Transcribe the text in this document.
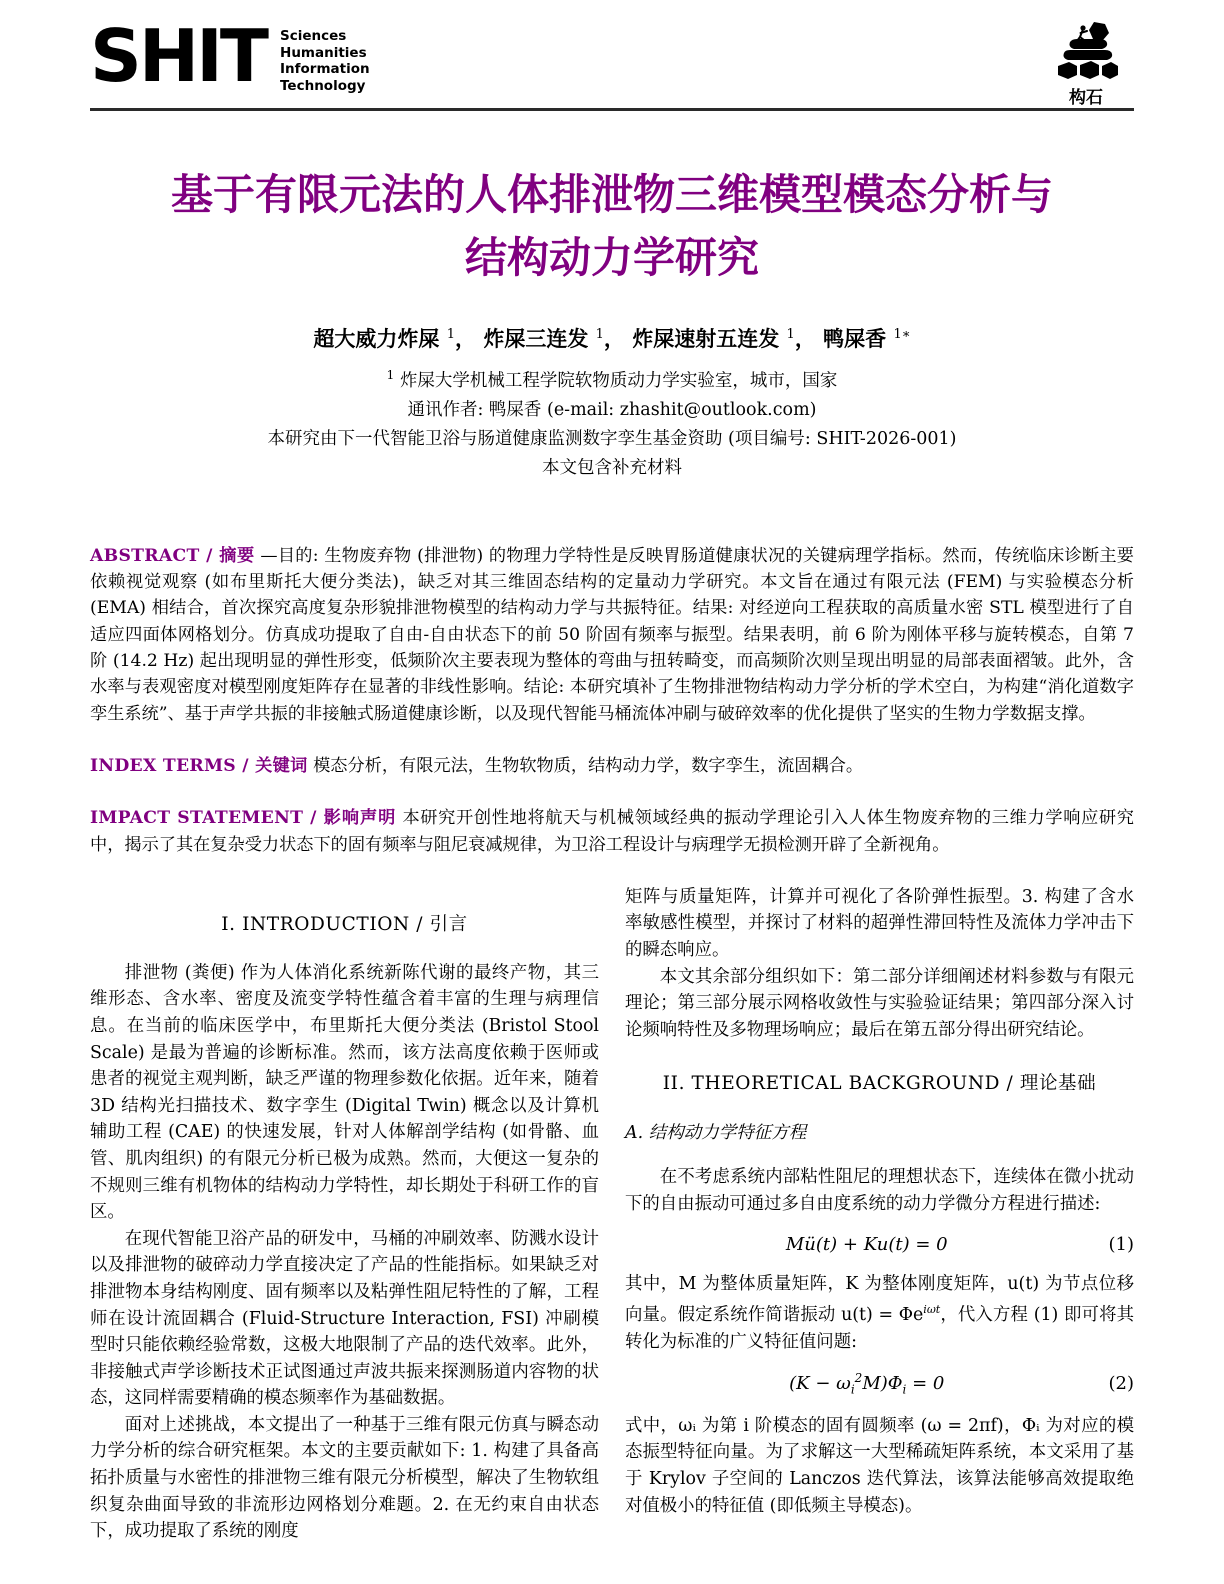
SHIT Sciences
Humanities
Information
Technology
构石
基于有限元法的人体排泄物三维模型模态分析与
结构动力学研究
超大威力炸屎 $^1$， 炸屎三连发 $^1$， 炸屎速射五连发 $^1$， 鸭屎香 $^{1∗}$
$^1$ 炸屎大学机械工程学院软物质动力学实验室，城市，国家
通讯作者: 鸭屎香 (e-mail: zhashit@outlook.com)
本研究由下一代智能卫浴与肠道健康监测数字孪生基金资助 (项目编号: SHIT-2026-001)
本文包含补充材料

ABSTRACT / 摘要 —目的: 生物废弃物 (排泄物) 的物理力学特性是反映胃肠道健康状况的关键病理学指标。然而，传统临床诊断主要依赖视觉观察 (如布里斯托大便分类法)，缺乏对其三维固态结构的定量动力学研究。本文旨在通过有限元法 (FEM) 与实验模态分析 (EMA) 相结合，首次探究高度复杂形貌排泄物模型的结构动力学与共振特征。结果: 对经逆向工程获取的高质量水密 STL 模型进行了自适应四面体网格划分。仿真成功提取了自由-自由状态下的前 50 阶固有频率与振型。结果表明，前 6 阶为刚体平移与旋转模态，自第 7 阶 (14.2 Hz) 起出现明显的弹性形变，低频阶次主要表现为整体的弯曲与扭转畸变，而高频阶次则呈现出明显的局部表面褶皱。此外，含水率与表观密度对模型刚度矩阵存在显著的非线性影响。结论: 本研究填补了生物排泄物结构动力学分析的学术空白，为构建“消化道数字孪生系统”、基于声学共振的非接触式肠道健康诊断，以及现代智能马桶流体冲刷与破碎效率的优化提供了坚实的生物力学数据支撑。

INDEX TERMS / 关键词 模态分析，有限元法，生物软物质，结构动力学，数字孪生，流固耦合。

IMPACT STATEMENT / 影响声明 本研究开创性地将航天与机械领域经典的振动学理论引入人体生物废弃物的三维力学响应研究中，揭示了其在复杂受力状态下的固有频率与阻尼衰减规律，为卫浴工程设计与病理学无损检测开辟了全新视角。

I. INTRODUCTION / 引言

排泄物 (粪便) 作为人体消化系统新陈代谢的最终产物，其三维形态、含水率、密度及流变学特性蕴含着丰富的生理与病理信息。在当前的临床医学中，布里斯托大便分类法 (Bristol Stool Scale) 是最为普遍的诊断标准。然而，该方法高度依赖于医师或患者的视觉主观判断，缺乏严谨的物理参数化依据。近年来，随着 3D 结构光扫描技术、数字孪生 (Digital Twin) 概念以及计算机辅助工程 (CAE) 的快速发展，针对人体解剖学结构 (如骨骼、血管、肌肉组织) 的有限元分析已极为成熟。然而，大便这一复杂的不规则三维有机物体的结构动力学特性，却长期处于科研工作的盲区。

在现代智能卫浴产品的研发中，马桶的冲刷效率、防溅水设计以及排泄物的破碎动力学直接决定了产品的性能指标。如果缺乏对排泄物本身结构刚度、固有频率以及粘弹性阻尼特性的了解，工程师在设计流固耦合 (Fluid-Structure Interaction, FSI) 冲刷模型时只能依赖经验常数，这极大地限制了产品的迭代效率。此外，非接触式声学诊断技术正试图通过声波共振来探测肠道内容物的状态，这同样需要精确的模态频率作为基础数据。

面对上述挑战，本文提出了一种基于三维有限元仿真与瞬态动力学分析的综合研究框架。本文的主要贡献如下: 1. 构建了具备高拓扑质量与水密性的排泄物三维有限元分析模型，解决了生物软组织复杂曲面导致的非流形边网格划分难题。2. 在无约束自由状态下，成功提取了系统的刚度

矩阵与质量矩阵，计算并可视化了各阶弹性振型。3. 构建了含水率敏感性模型，并探讨了材料的超弹性滞回特性及流体力学冲击下的瞬态响应。

本文其余部分组织如下：第二部分详细阐述材料参数与有限元理论；第三部分展示网格收敛性与实验验证结果；第四部分深入讨论频响特性及多物理场响应；最后在第五部分得出研究结论。

II. THEORETICAL BACKGROUND / 理论基础
A. 结构动力学特征方程

在不考虑系统内部粘性阻尼的理想状态下，连续体在微小扰动下的自由振动可通过多自由度系统的动力学微分方程进行描述:

Mü(t) + Ku(t) = 0	(1)

其中，M 为整体质量矩阵，K 为整体刚度矩阵，u(t) 为节点位移向量。假定系统作简谐振动 $u(t) = \Phi e^{i\omega t}$，代入方程 (1) 即可将其转化为标准的广义特征值问题:

$(K - \omega_i^2M)\Phi_i = 0$	(2)

式中，ωᵢ 为第 i 阶模态的固有圆频率 (ω = 2πf)，Φᵢ 为对应的模态振型特征向量。为了求解这一大型稀疏矩阵系统，本文采用了基于 Krylov 子空间的 Lanczos 迭代算法，该算法能够高效提取绝对值极小的特征值 (即低频主导模态)。
